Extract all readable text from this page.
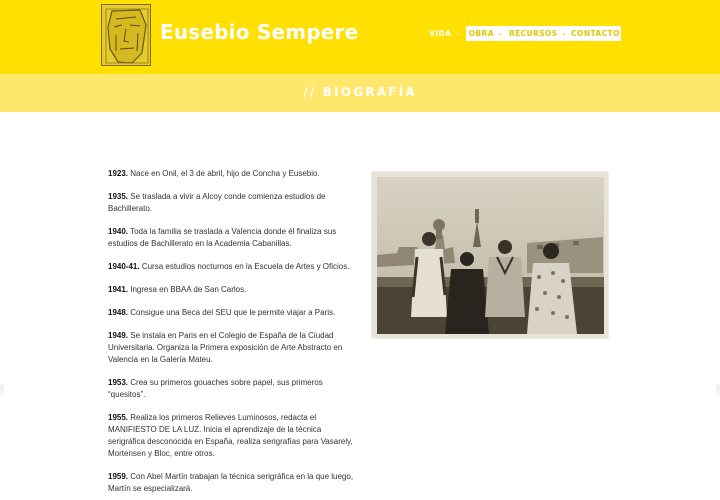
Eusebio Sempere	VIDA ⌄ OBRA ⌄ RECURSOS ⌄ CONTACTO
// BIOGRAFÍA

1923. Nace en Onil, el 3 de abril, hijo de Concha y Eusebio.

1935. Se traslada a vivir a Alcoy conde comienza estudios de Bachillerato.

1940. Toda la familia se traslada a Valencia donde él finaliza sus estudios de Bachillerato en la Academia Cabanillas.

1940-41. Cursa estudios nocturnos en la Escuela de Artes y Oficios.

1941. Ingresa en BBAA de San Carlos.

1948. Consigue una Beca del SEU que le permite viajar a Paris.

1949. Se instala en Paris en el Colegio de España de la Ciudad Universitaria. Organiza la Primera exposición de Arte Abstracto en Valencia en la Galería Mateu.

1953. Crea su primeros gouaches sobre papel, sus primeros “quesitos”.

1955. Realiza los primeros Relieves Luminosos, redacta el MANIFIESTO DE LA LUZ. Inicia el aprendizaje de la técnica serigráfica desconocida en España, realiza serigrafías para Vasarely, Mortensen y Bloc, entre otros.

1959. Con Abel Martín trabajan la técnica serigráfica en la que luego, Martín se especializará.
